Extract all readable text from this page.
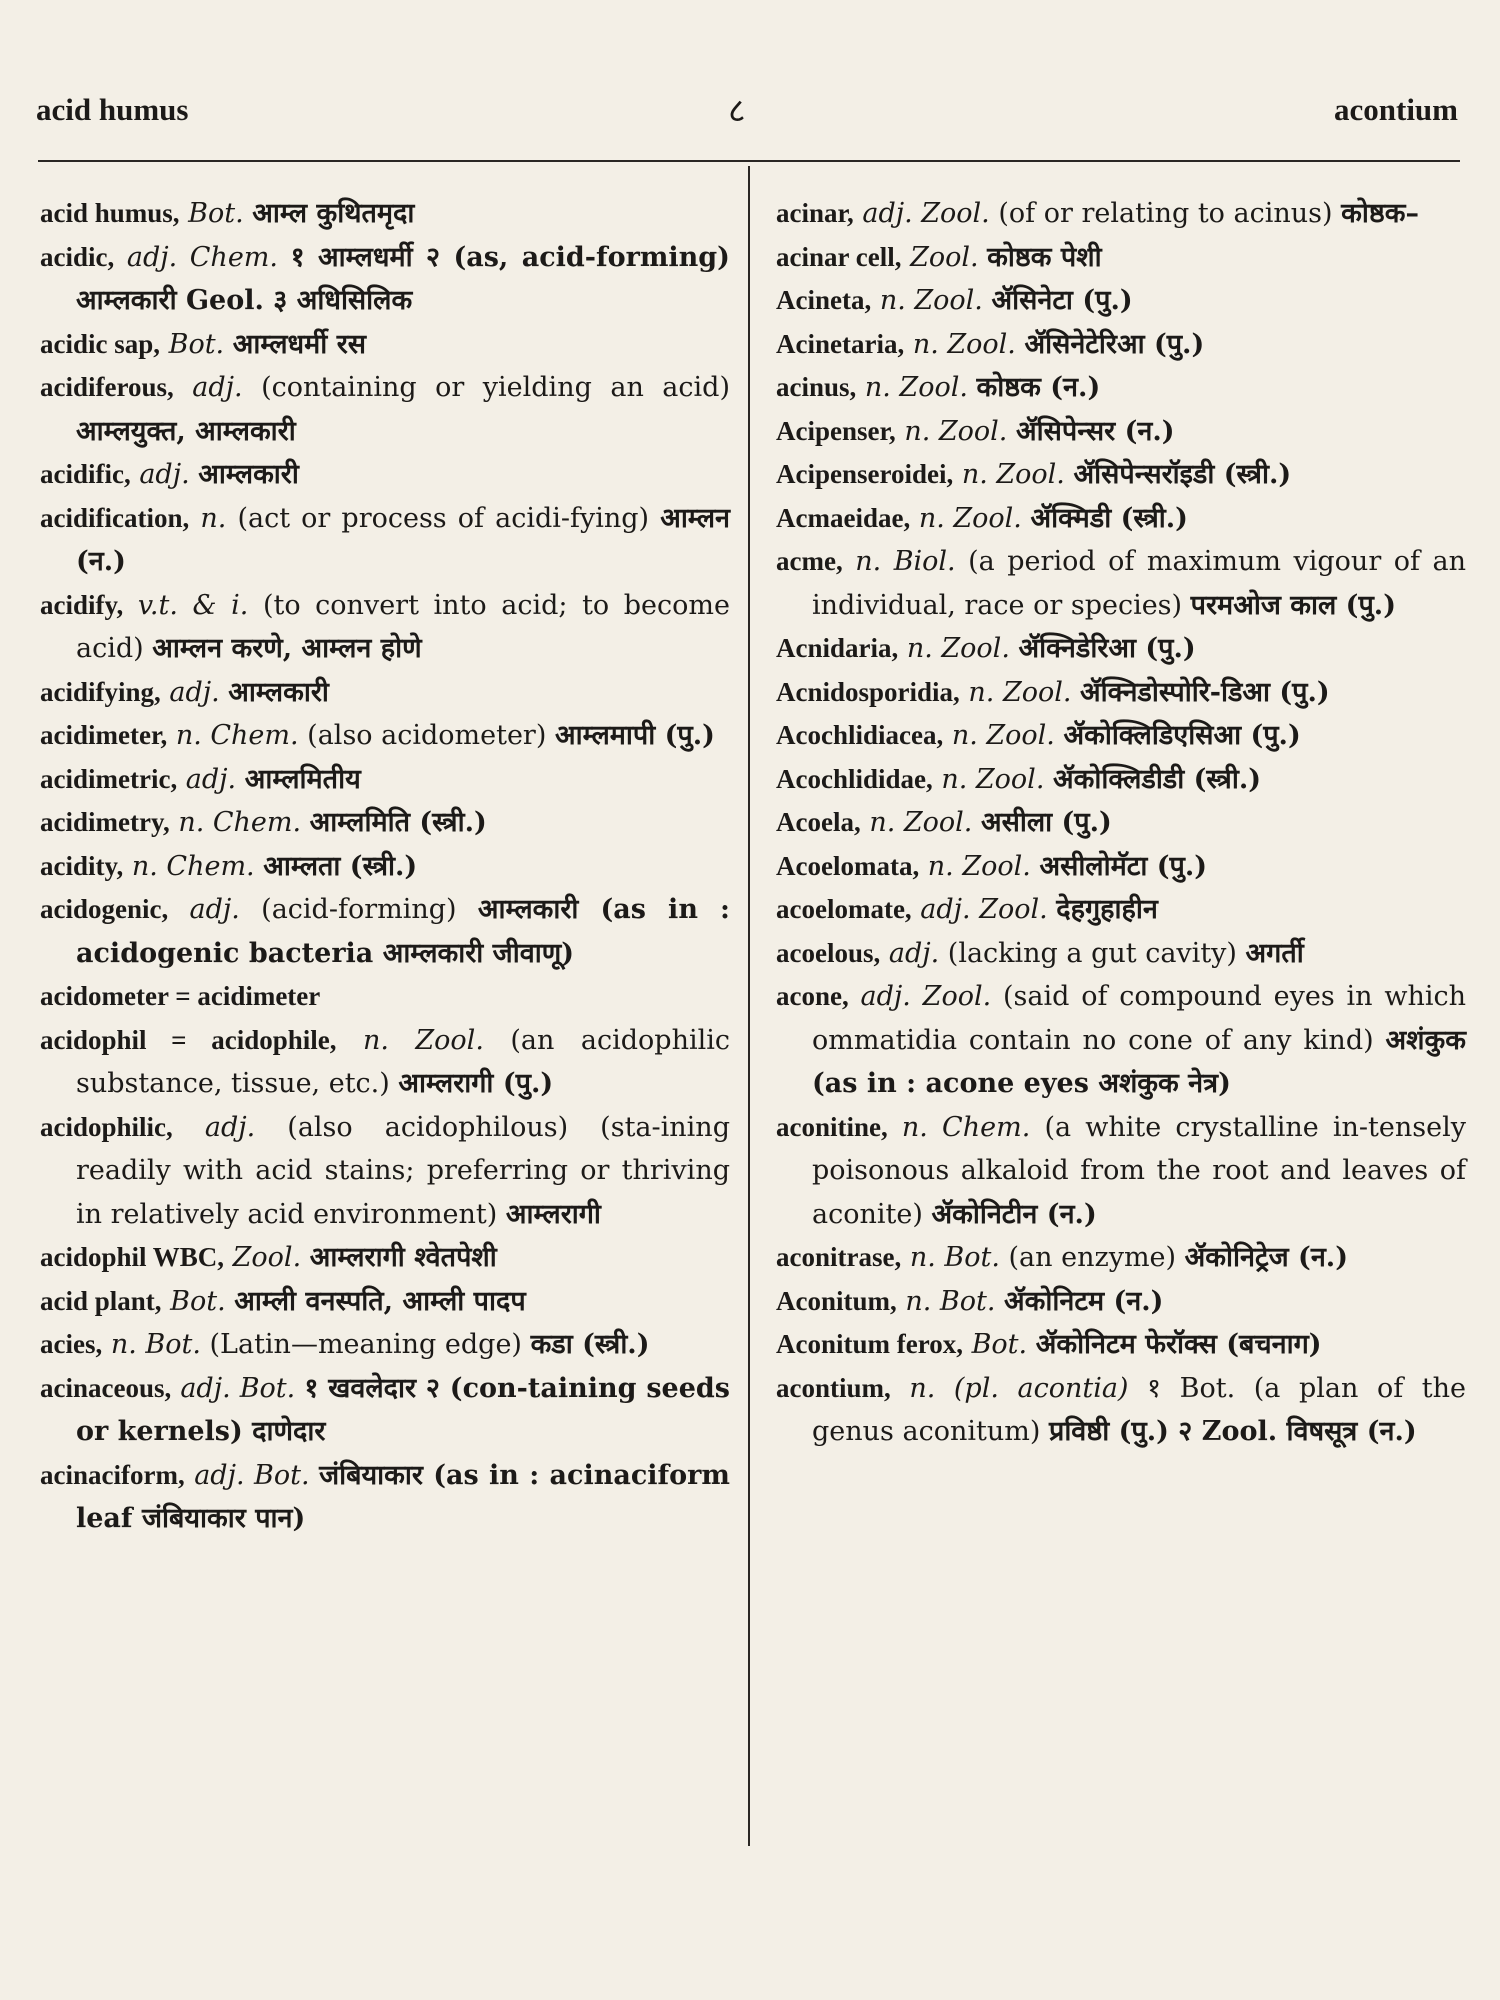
acid humus	८	acontium
acid humus, Bot. आम्ल कुथितमृदा
acidic, adj. Chem. १ आम्लधर्मी २ (as, acid-forming) आम्लकारी Geol. ३ अधिसिलिक
acidic sap, Bot. आम्लधर्मी रस
acidiferous, adj. (containing or yielding an acid) आम्लयुक्त, आम्लकारी
acidific, adj. आम्लकारी
acidification, n. (act or process of acidi-fying) आम्लन (न.)
acidify, v.t. & i. (to convert into acid; to become acid) आम्लन करणे, आम्लन होणे
acidifying, adj. आम्लकारी
acidimeter, n. Chem. (also acidometer) आम्लमापी (पु.)
acidimetric, adj. आम्लमितीय
acidimetry, n. Chem. आम्लमिति (स्त्री.)
acidity, n. Chem. आम्लता (स्त्री.)
acidogenic, adj. (acid-forming) आम्लकारी (as in : acidogenic bacteria आम्लकारी जीवाणू)
acidometer = acidimeter
acidophil = acidophile, n. Zool. (an acidophilic substance, tissue, etc.) आम्लरागी (पु.)
acidophilic, adj. (also acidophilous) (sta-ining readily with acid stains; preferring or thriving in relatively acid environment) आम्लरागी
acidophil WBC, Zool. आम्लरागी श्वेतपेशी
acid plant, Bot. आम्ली वनस्पति, आम्ली पादप
acies, n. Bot. (Latin—meaning edge) कडा (स्त्री.)
acinaceous, adj. Bot. १ खवलेदार २ (con-taining seeds or kernels) दाणेदार
acinaciform, adj. Bot. जंबियाकार (as in : acinaciform leaf जंबियाकार पान)
acinar, adj. Zool. (of or relating to acinus) कोष्ठक–
acinar cell, Zool. कोष्ठक पेशी
Acineta, n. Zool. ॲसिनेटा (पु.)
Acinetaria, n. Zool. ॲसिनेटेरिआ (पु.)
acinus, n. Zool. कोष्ठक (न.)
Acipenser, n. Zool. ॲसिपेन्सर (न.)
Acipenseroidei, n. Zool. ॲसिपेन्सरॉइडी (स्त्री.)
Acmaeidae, n. Zool. ॲक्मिडी (स्त्री.)
acme, n. Biol. (a period of maximum vigour of an individual, race or species) परमओज काल (पु.)
Acnidaria, n. Zool. ॲक्निडेरिआ (पु.)
Acnidosporidia, n. Zool. ॲक्निडोस्पोरि-डिआ (पु.)
Acochlidiacea, n. Zool. ॲकोक्लिडिएसिआ (पु.)
Acochlididae, n. Zool. ॲकोक्लिडीडी (स्त्री.)
Acoela, n. Zool. असीला (पु.)
Acoelomata, n. Zool. असीलोमॅटा (पु.)
acoelomate, adj. Zool. देहगुहाहीन
acoelous, adj. (lacking a gut cavity) अगर्ती
acone, adj. Zool. (said of compound eyes in which ommatidia contain no cone of any kind) अशंकुक (as in : acone eyes अशंकुक नेत्र)
aconitine, n. Chem. (a white crystalline in-tensely poisonous alkaloid from the root and leaves of aconite) ॲकोनिटीन (न.)
aconitrase, n. Bot. (an enzyme) ॲकोनिट्रेज (न.)
Aconitum, n. Bot. ॲकोनिटम (न.)
Aconitum ferox, Bot. ॲकोनिटम फेरॉक्स (बचनाग)
acontium, n. (pl. acontia) १ Bot. (a plan of the genus aconitum) प्रविष्ठी (पु.) २ Zool. विषसूत्र (न.)
